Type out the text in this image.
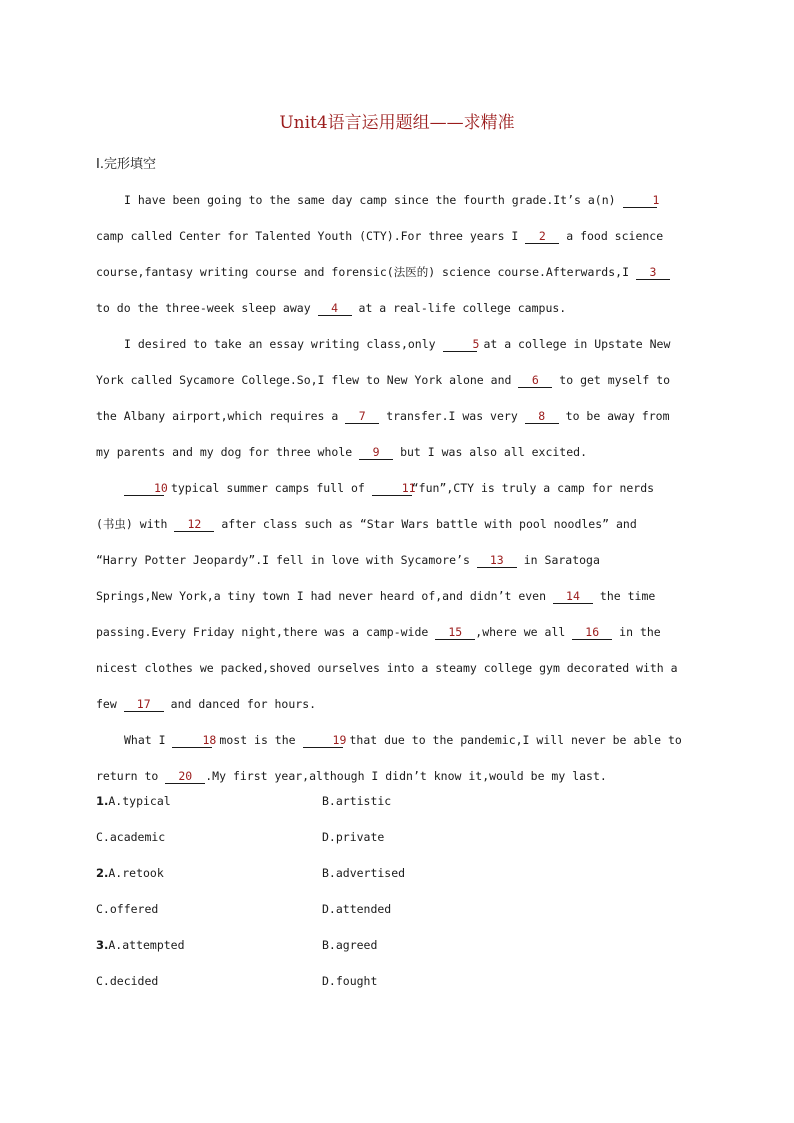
Unit4语言运用题组——求精准
Ⅰ.完形填空

I have been going to the same day camp since the fourth grade.It’s a(n)	1

camp called Center for Talented Youth (CTY).For three years I 2 a food science

course,fantasy writing course and forensic(法医的) science course.Afterwards,I 3

to do the three-week sleep away 4 at a real-life college campus.

I desired to take an essay writing class,only	5 at a college in Upstate New

York called Sycamore College.So,I flew to New York alone and 6 to get myself to

the Albany airport,which requires a 7 transfer.I was very 8 to be away from

my parents and my dog for three whole 9 but I was also all excited.

10 typical summer camps full of	11“fun”,CTY is truly a camp for nerds

(书虫) with 12 after class such as “Star Wars battle with pool noodles” and

“Harry Potter Jeopardy”.I fell in love with Sycamore’s 13 in Saratoga

Springs,New York,a tiny town I had never heard of,and didn’t even 14 the time

passing.Every Friday night,there was a camp-wide 15 ,where we all 16 in the

nicest clothes we packed,shoved ourselves into a steamy college gym decorated with a

few 17 and danced for hours.

What I	18 most is the	19 that due to the pandemic,I will never be able to

return to 20 .My first year,although I didn’t know it,would be my last.

1.A.typical	B.artistic
C.academic	D.private
2.A.retook	B.advertised
C.offered	D.attended
3.A.attempted	B.agreed
C.decided	D.fought
